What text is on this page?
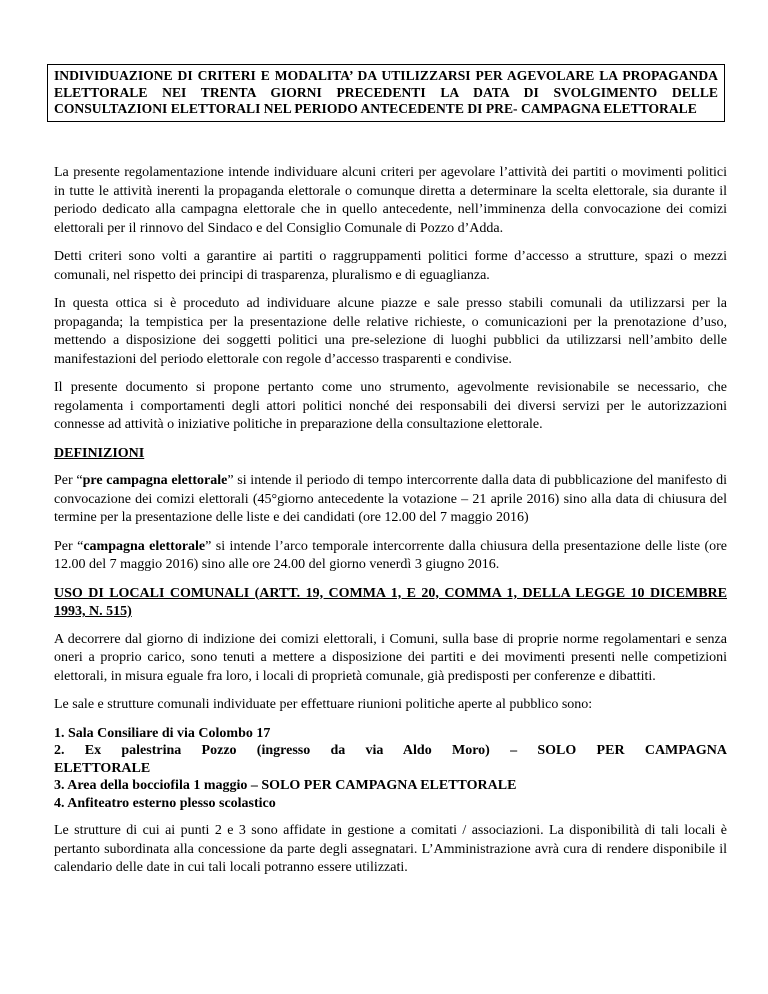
INDIVIDUAZIONE DI CRITERI E MODALITA’ DA UTILIZZARSI PER AGEVOLARE LA PROPAGANDA ELETTORALE NEI TRENTA GIORNI PRECEDENTI LA DATA DI SVOLGIMENTO DELLE CONSULTAZIONI ELETTORALI NEL PERIODO ANTECEDENTE DI PRE- CAMPAGNA ELETTORALE

La presente regolamentazione intende individuare alcuni criteri per agevolare l’attività dei partiti o movimenti politici in tutte le attività inerenti la propaganda elettorale o comunque diretta a determinare la scelta elettorale, sia durante il periodo dedicato alla campagna elettorale che in quello antecedente, nell’imminenza della convocazione dei comizi elettorali per il rinnovo del Sindaco e del Consiglio Comunale di Pozzo d’Adda.

Detti criteri sono volti a garantire ai partiti o raggruppamenti politici forme d’accesso a strutture, spazi o mezzi comunali, nel rispetto dei principi di trasparenza, pluralismo e di eguaglianza.

In questa ottica si è proceduto ad individuare alcune piazze e sale presso stabili comunali da utilizzarsi per la propaganda; la tempistica per la presentazione delle relative richieste, o comunicazioni per la prenotazione d’uso, mettendo a disposizione dei soggetti politici una pre-selezione di luoghi pubblici da utilizzarsi nell’ambito delle manifestazioni del periodo elettorale con regole d’accesso trasparenti e condivise.

Il presente documento si propone pertanto come uno strumento, agevolmente revisionabile se necessario, che regolamenta i comportamenti degli attori politici nonché dei responsabili dei diversi servizi per le autorizzazioni connesse ad attività o iniziative politiche in preparazione della consultazione elettorale.

DEFINIZIONI

Per “pre campagna elettorale” si intende il periodo di tempo intercorrente dalla data di pubblicazione del manifesto di convocazione dei comizi elettorali (45°giorno antecedente la votazione – 21 aprile 2016) sino alla data di chiusura del termine per la presentazione delle liste e dei candidati (ore 12.00 del 7 maggio 2016)

Per “campagna elettorale” si intende l’arco temporale intercorrente dalla chiusura della presentazione delle liste (ore 12.00 del 7 maggio 2016) sino alle ore 24.00 del giorno venerdì 3 giugno 2016.

USO DI LOCALI COMUNALI (ARTT. 19, COMMA 1, E 20, COMMA 1, DELLA LEGGE 10 DICEMBRE 1993, N. 515)

A decorrere dal giorno di indizione dei comizi elettorali, i Comuni, sulla base di proprie norme regolamentari e senza oneri a proprio carico, sono tenuti a mettere a disposizione dei partiti e dei movimenti presenti nelle competizioni elettorali, in misura eguale fra loro, i locali di proprietà comunale, già predisposti per conferenze e dibattiti.

Le sale e strutture comunali individuate per effettuare riunioni politiche aperte al pubblico sono:

1. Sala Consiliare di via Colombo 17
2. Ex palestrina Pozzo (ingresso da via Aldo Moro) – SOLO PER CAMPAGNA
ELETTORALE
3. Area della bocciofila 1 maggio – SOLO PER CAMPAGNA ELETTORALE
4. Anfiteatro esterno plesso scolastico

Le strutture di cui ai punti 2 e 3 sono affidate in gestione a comitati / associazioni. La disponibilità di tali locali è pertanto subordinata alla concessione da parte degli assegnatari. L’Amministrazione avrà cura di rendere disponibile il calendario delle date in cui tali locali potranno essere utilizzati.
